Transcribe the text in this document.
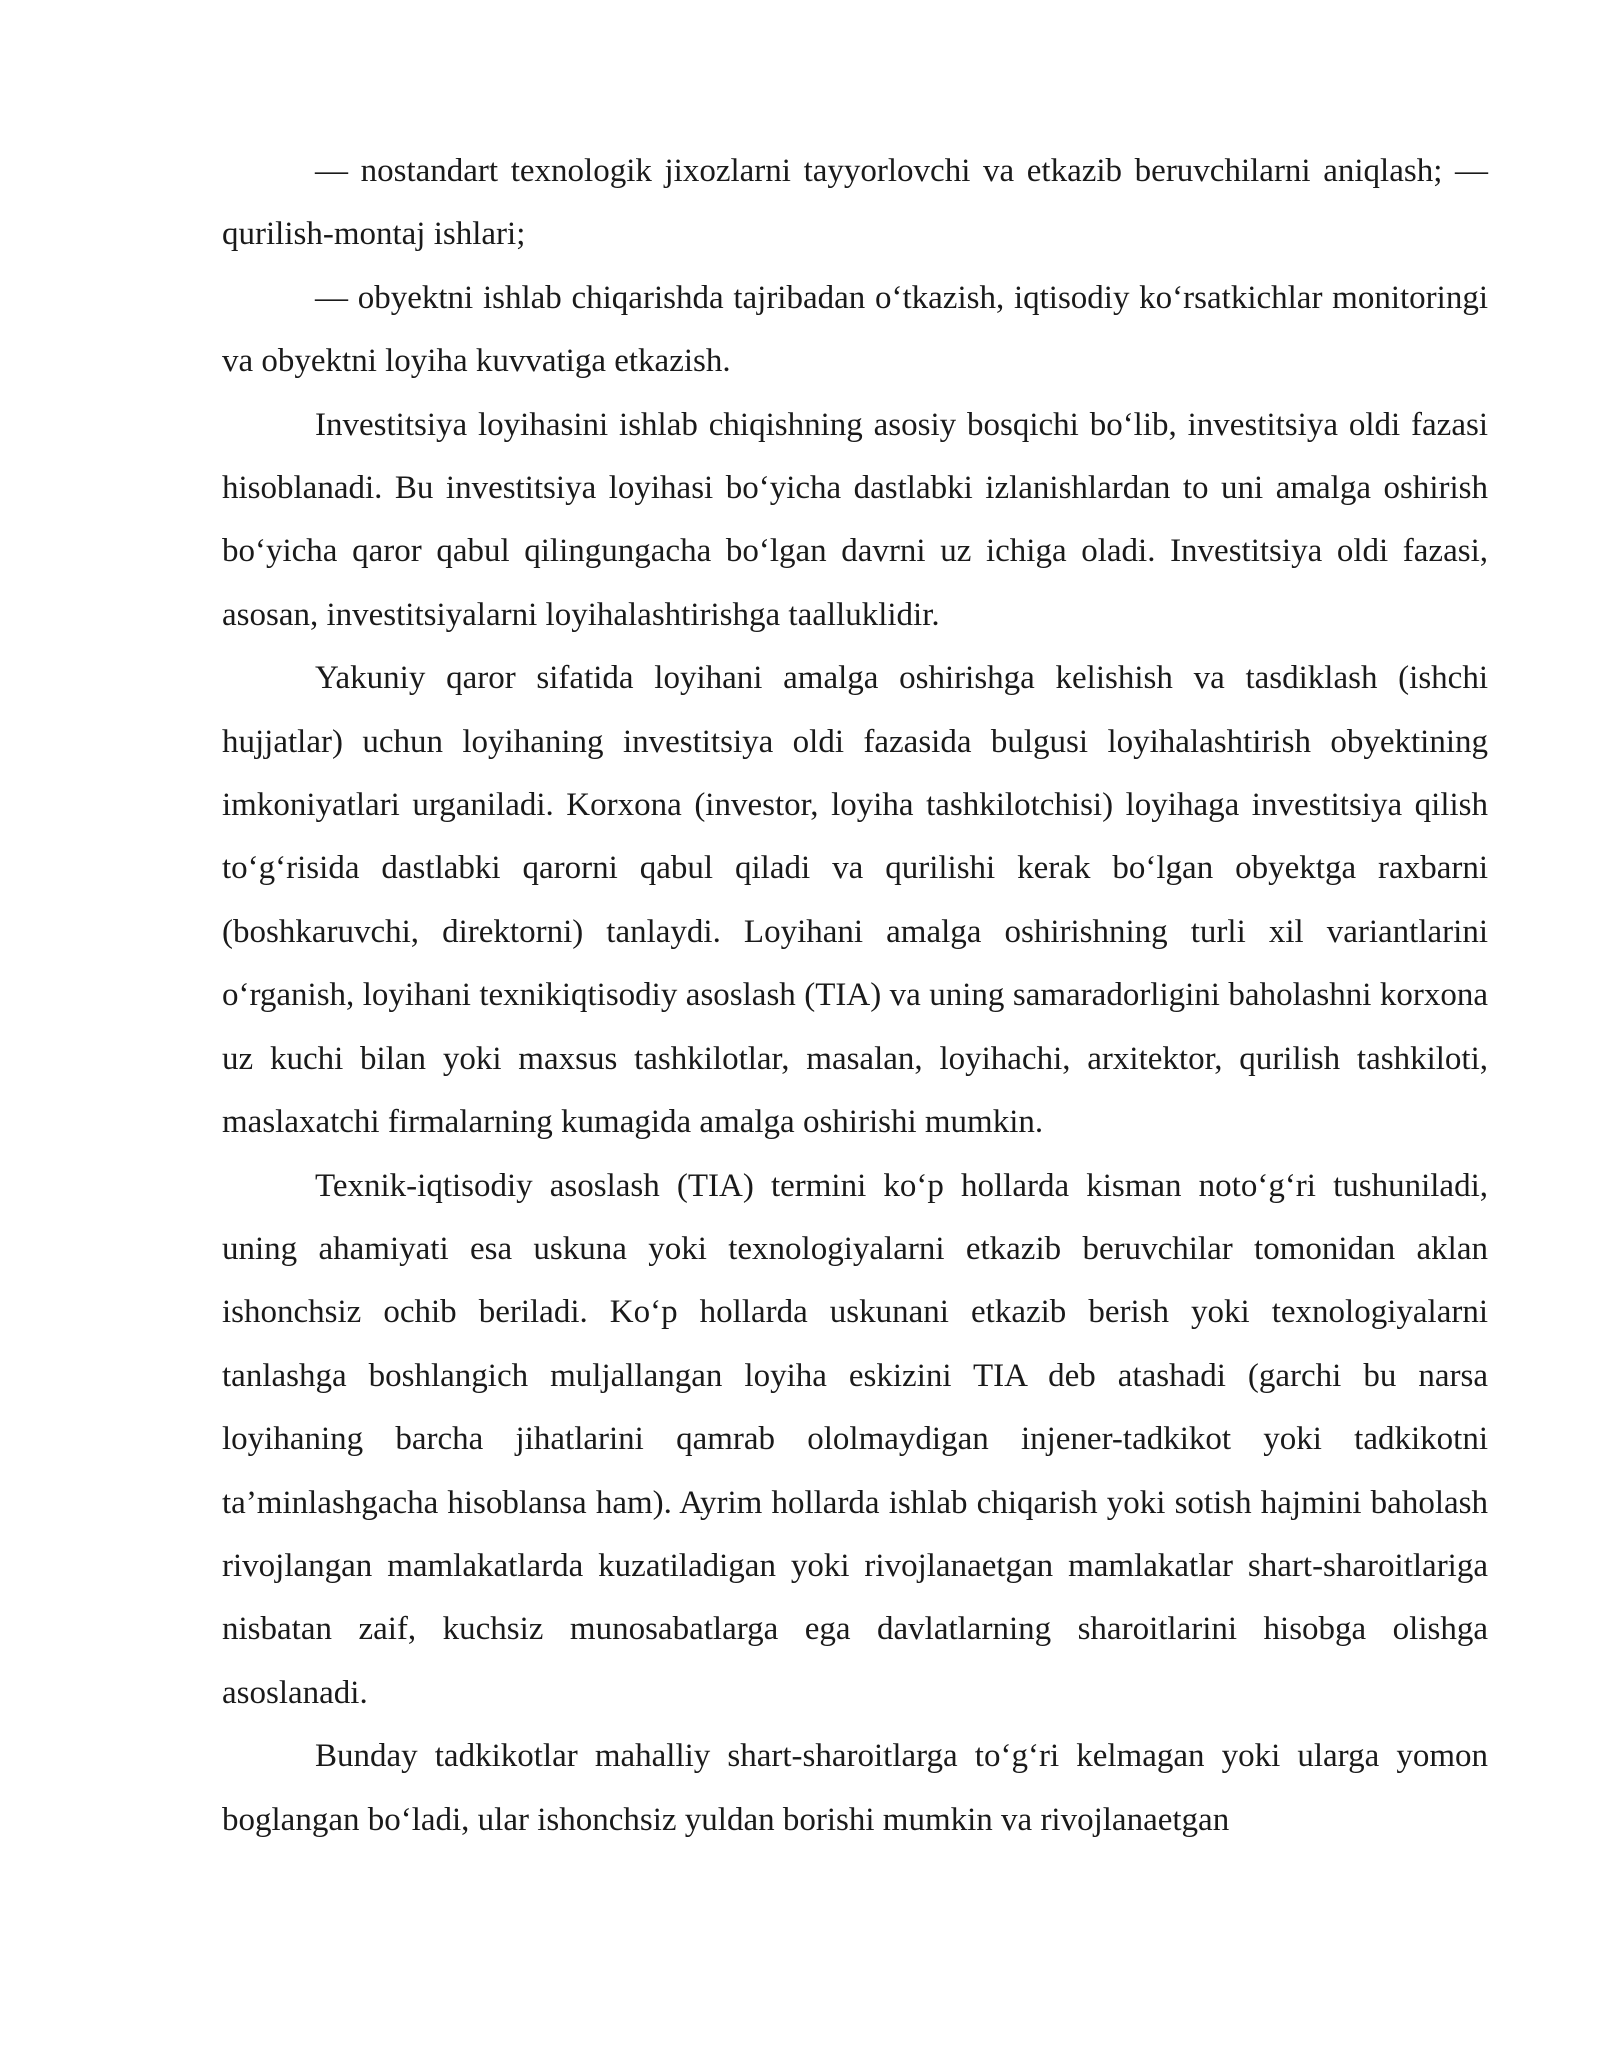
— nostandart texnologik jixozlarni tayyorlovchi va etkazib beruvchilarni aniqlash; — qurilish-montaj ishlari;

— obyektni ishlab chiqarishda tajribadan o‘tkazish, iqtisodiy ko‘rsatkichlar monitoringi va obyektni loyiha kuvvatiga etkazish.

Investitsiya loyihasini ishlab chiqishning asosiy bosqichi bo‘lib, investitsiya oldi fazasi hisoblanadi. Bu investitsiya loyihasi bo‘yicha dastlabki izlanishlardan to uni amalga oshirish bo‘yicha qaror qabul qilingungacha bo‘lgan davrni uz ichiga oladi. Investitsiya oldi fazasi, asosan, investitsiyalarni loyihalashtirishga taalluklidir.

Yakuniy qaror sifatida loyihani amalga oshirishga kelishish va tasdiklash (ishchi hujjatlar) uchun loyihaning investitsiya oldi fazasida bulgusi loyihalashtirish obyektining imkoniyatlari urganiladi. Korxona (investor, loyiha tashkilotchisi) loyihaga investitsiya qilish to‘g‘risida dastlabki qarorni qabul qiladi va qurilishi kerak bo‘lgan obyektga raxbarni (boshkaruvchi, direktorni) tanlaydi. Loyihani amalga oshirishning turli xil variantlarini o‘rganish, loyihani texnikiqtisodiy asoslash (TIA) va uning samaradorligini baholashni korxona uz kuchi bilan yoki maxsus tashkilotlar, masalan, loyihachi, arxitektor, qurilish tashkiloti, maslaxatchi firmalarning kumagida amalga oshirishi mumkin.

Texnik-iqtisodiy asoslash (TIA) termini ko‘p hollarda kisman noto‘g‘ri tushuniladi, uning ahamiyati esa uskuna yoki texnologiyalarni etkazib beruvchilar tomonidan aklan ishonchsiz ochib beriladi. Ko‘p hollarda uskunani etkazib berish yoki texnologiyalarni tanlashga boshlangich muljallangan loyiha eskizini TIA deb atashadi (garchi bu narsa loyihaning barcha jihatlarini qamrab ololmaydigan injener-tadkikot yoki tadkikotni ta’minlashgacha hisoblansa ham). Ayrim hollarda ishlab chiqarish yoki sotish hajmini baholash rivojlangan mamlakatlarda kuzatiladigan yoki rivojlanaetgan mamlakatlar shart-sharoitlariga nisbatan zaif, kuchsiz munosabatlarga ega davlatlarning sharoitlarini hisobga olishga asoslanadi.

Bunday tadkikotlar mahalliy shart-sharoitlarga to‘g‘ri kelmagan yoki ularga yomon boglangan bo‘ladi, ular ishonchsiz yuldan borishi mumkin va rivojlanaetgan
